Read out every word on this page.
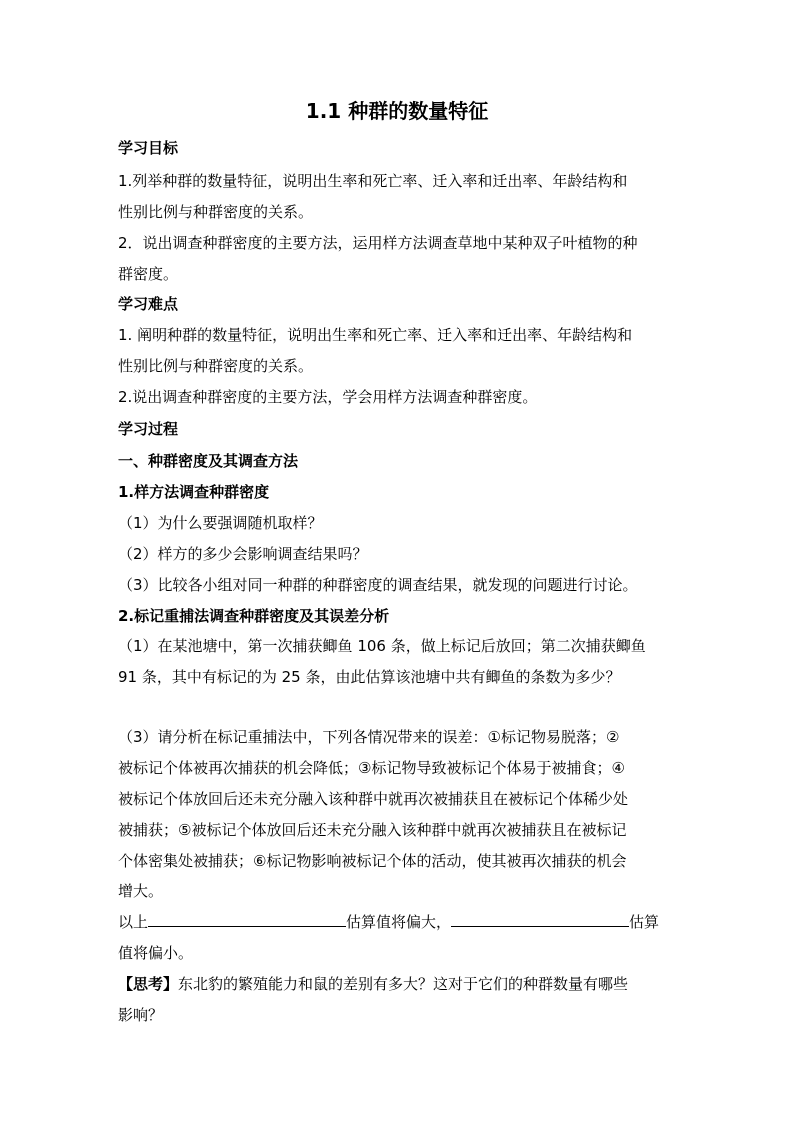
1.1 种群的数量特征
学习目标
1.列举种群的数量特征，说明出生率和死亡率、迁入率和迁出率、年龄结构和
性别比例与种群密度的关系。
2．说出调查种群密度的主要方法，运用样方法调查草地中某种双子叶植物的种
群密度。
学习难点
1. 阐明种群的数量特征，说明出生率和死亡率、迁入率和迁出率、年龄结构和
性别比例与种群密度的关系。
2.说出调查种群密度的主要方法，学会用样方法调查种群密度。
学习过程
一、种群密度及其调查方法
1.样方法调查种群密度
（1）为什么要强调随机取样？
（2）样方的多少会影响调查结果吗？
（3）比较各小组对同一种群的种群密度的调查结果，就发现的问题进行讨论。
2.标记重捕法调查种群密度及其误差分析
（1）在某池塘中，第一次捕获鲫鱼 106 条，做上标记后放回；第二次捕获鲫鱼
91 条，其中有标记的为 25 条，由此估算该池塘中共有鲫鱼的条数为多少？
（3）请分析在标记重捕法中，下列各情况带来的误差：①标记物易脱落；②
被标记个体被再次捕获的机会降低；③标记物导致被标记个体易于被捕食；④
被标记个体放回后还未充分融入该种群中就再次被捕获且在被标记个体稀少处
被捕获；⑤被标记个体放回后还未充分融入该种群中就再次被捕获且在被标记
个体密集处被捕获；⑥标记物影响被标记个体的活动，使其被再次捕获的机会
增大。
以上	估算值将偏大，	估算
值将偏小。
【思考】东北豹的繁殖能力和鼠的差别有多大？这对于它们的种群数量有哪些
影响？
